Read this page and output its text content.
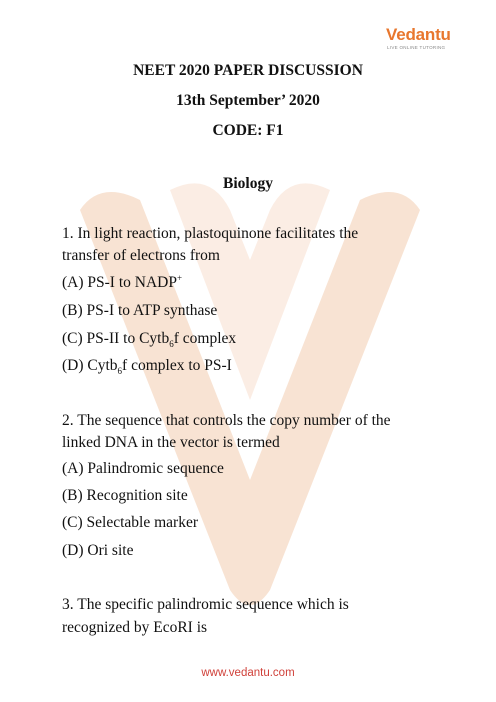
Vedantu
LIVE ONLINE TUTORING
NEET 2020 PAPER DISCUSSION
13th September’ 2020
CODE: F1
Biology
1. In light reaction, plastoquinone facilitates the
transfer of electrons from
(A) PS-I to NADP+
(B) PS-I to ATP synthase
(C) PS-II to Cytb$_6$f complex
(D) Cytb$_6$f complex to PS-I
2. The sequence that controls the copy number of the
linked DNA in the vector is termed
(A) Palindromic sequence
(B) Recognition site
(C) Selectable marker
(D) Ori site
3. The specific palindromic sequence which is
recognized by EcoRI is
www.vedantu.com
